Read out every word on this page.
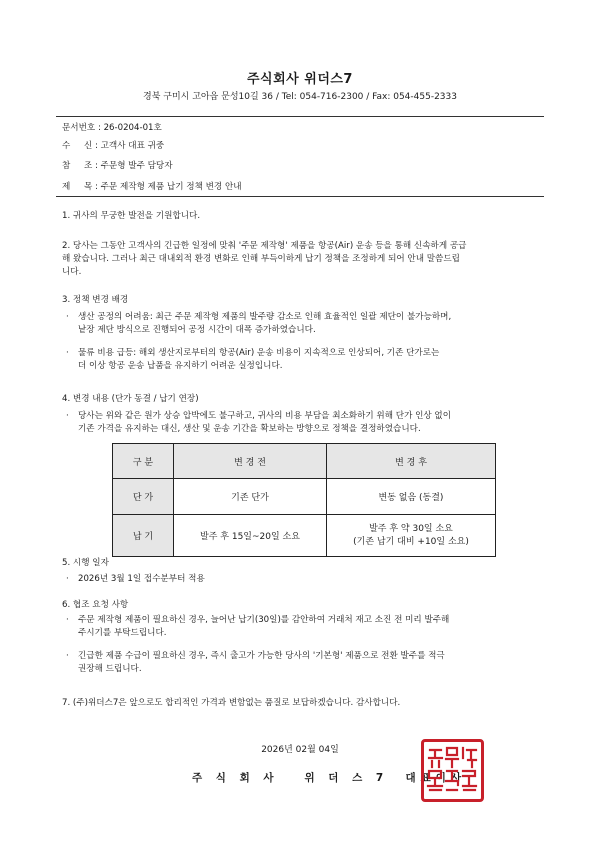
주식회사 위더스7
경북 구미시 고아읍 문성10길 36 / Tel: 054-716-2300 / Fax: 054-455-2333
문서번호 : 26-0204-01호
수     신 : 고객사 대표 귀중
참     조 : 주문형 발주 담당자
제     목 : 주문 제작형 제품 납기 정책 변경 안내
1. 귀사의 무궁한 발전을 기원합니다.
2. 당사는 그동안 고객사의 긴급한 일정에 맞춰 '주문 제작형' 제품을 항공(Air) 운송 등을 통해 신속하게 공급
해 왔습니다. 그러나 최근 대내외적 환경 변화로 인해 부득이하게 납기 정책을 조정하게 되어 안내 말씀드립
니다.
3. 정책 변경 배경
· 생산 공정의 어려움: 최근 주문 제작형 제품의 발주량 감소로 인해 효율적인 일괄 제단이 불가능하며,
낱장 제단 방식으로 진행되어 공정 시간이 대폭 증가하였습니다.
· 물류 비용 급등: 해외 생산지로부터의 항공(Air) 운송 비용이 지속적으로 인상되어, 기존 단가로는
더 이상 항공 운송 납품을 유지하기 어려운 실정입니다.
4. 변경 내용 (단가 동결 / 납기 연장)
· 당사는 위와 같은 원가 상승 압박에도 불구하고, 귀사의 비용 부담을 최소화하기 위해 단가 인상 없이
기존 가격을 유지하는 대신, 생산 및 운송 기간을 확보하는 방향으로 정책을 결정하였습니다.
구 분	변 경 전	변 경 후
단 가	기존 단가	변동 없음 (동결)

납 기	발주 후 15일~20일 소요	발주 후 약 30일 소요
(기존 납기 대비 +10일 소요)
5. 시행 일자
· 2026년 3월 1일 접수분부터 적용
6. 협조 요청 사항
· 주문 제작형 제품이 필요하신 경우, 늘어난 납기(30일)를 감안하여 거래처 재고 소진 전 미리 발주해
주시기를 부탁드립니다.
· 긴급한 제품 수급이 필요하신 경우, 즉시 출고가 가능한 당사의 '기본형' 제품으로 전환 발주를 적극
권장해 드립니다.
7. (주)위더스7은 앞으로도 합리적인 가격과 변함없는 품질로 보답하겠습니다. 감사합니다.
2026년 02월 04일
주 식 회 사   위 더 스 7  대표이사
